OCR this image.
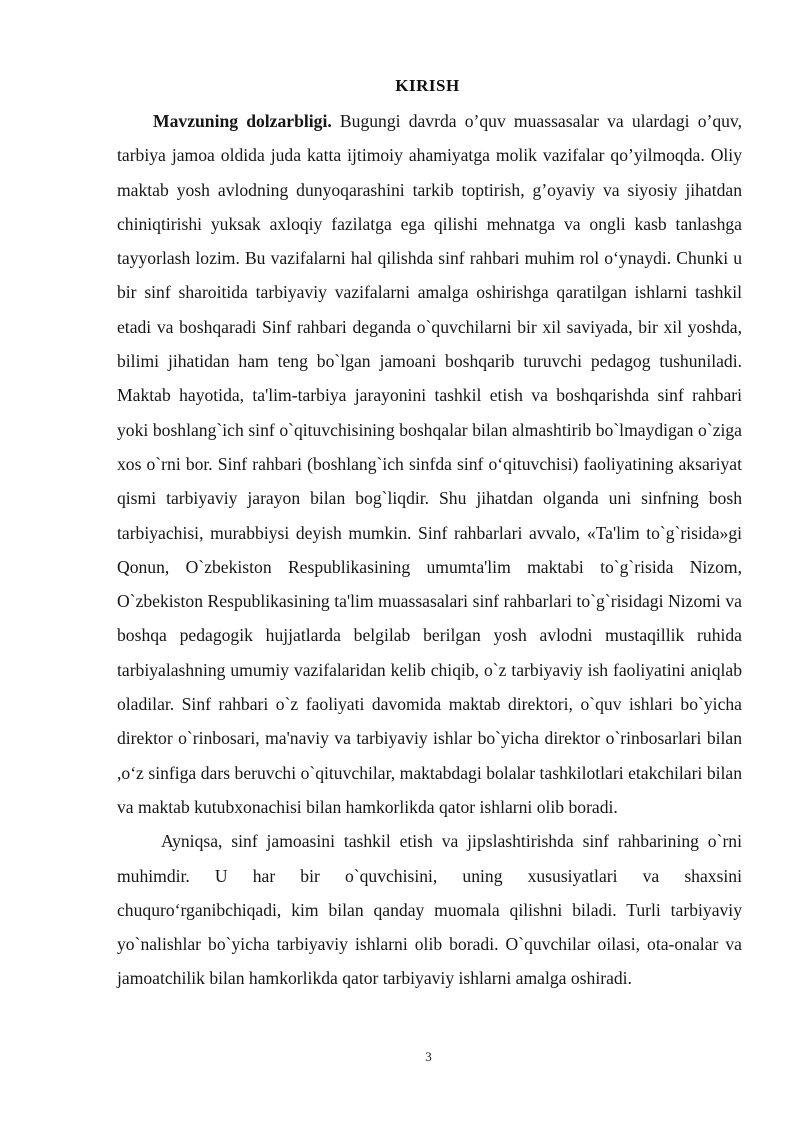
KIRISH

Mavzuning dolzarbligi. Bugungi davrda o’quv muassasalar va ulardagi o’quv, tarbiya jamoa oldida juda katta ijtimoiy ahamiyatga molik vazifalar qo’yilmoqda. Oliy maktab yosh avlodning dunyoqarashini tarkib toptirish, g’oyaviy va siyosiy jihatdan chiniqtirishi yuksak axloqiy fazilatga ega qilishi mehnatga va ongli kasb tanlashga tayyorlash lozim. Bu vazifalarni hal qilishda sinf rahbari muhim rol o‘ynaydi. Chunki u bir sinf sharoitida tarbiyaviy vazifalarni amalga oshirishga qaratilgan ishlarni tashkil etadi va boshqaradi Sinf rahbari deganda o`quvchilarni bir xil saviyada, bir xil yoshda, bilimi jihatidan ham teng bo`lgan jamoani boshqarib turuvchi pedagog tushuniladi. Maktab hayotida, ta'lim-tarbiya jarayonini tashkil etish va boshqarishda sinf rahbari yoki boshlang`ich sinf o`qituvchisining boshqalar bilan almashtirib bo`lmaydigan o`ziga xos o`rni bor. Sinf rahbari (boshlang`ich sinfda sinf o‘qituvchisi) faoliyatining aksariyat qismi tarbiyaviy jarayon bilan bog`liqdir. Shu jihatdan olganda uni sinfning bosh tarbiyachisi, murabbiysi deyish mumkin. Sinf rahbarlari avvalo, «Ta'lim to`g`risida»gi Qonun, O`zbekiston Respublikasining umumta'lim maktabi to`g`risida Nizom, O`zbekiston Respublikasining ta'lim muassasalari sinf rahbarlari to`g`risidagi Nizomi va boshqa pedagogik hujjatlarda belgilab berilgan yosh avlodni mustaqillik ruhida tarbiyalashning umumiy vazifalaridan kelib chiqib, o`z tarbiyaviy ish faoliyatini aniqlab oladilar. Sinf rahbari o`z faoliyati davomida maktab direktori, o`quv ishlari bo`yicha direktor o`rinbosari, ma'naviy va tarbiyaviy ishlar bo`yicha direktor o`rinbosarlari bilan ,o‘z sinfiga dars beruvchi o`qituvchilar, maktabdagi bolalar tashkilotlari etakchilari bilan va maktab kutubxonachisi bilan hamkorlikda qator ishlarni olib boradi.

Ayniqsa, sinf jamoasini tashkil etish va jipslashtirishda sinf rahbarining o`rni muhimdir. U har bir o`quvchisini, uning xususiyatlari va shaxsini chuquro‘rganibchiqadi, kim bilan qanday muomala qilishni biladi. Turli tarbiyaviy yo`nalishlar bo`yicha tarbiyaviy ishlarni olib boradi. O`quvchilar oilasi, ota-onalar va jamoatchilik bilan hamkorlikda qator tarbiyaviy ishlarni amalga oshiradi.

3
